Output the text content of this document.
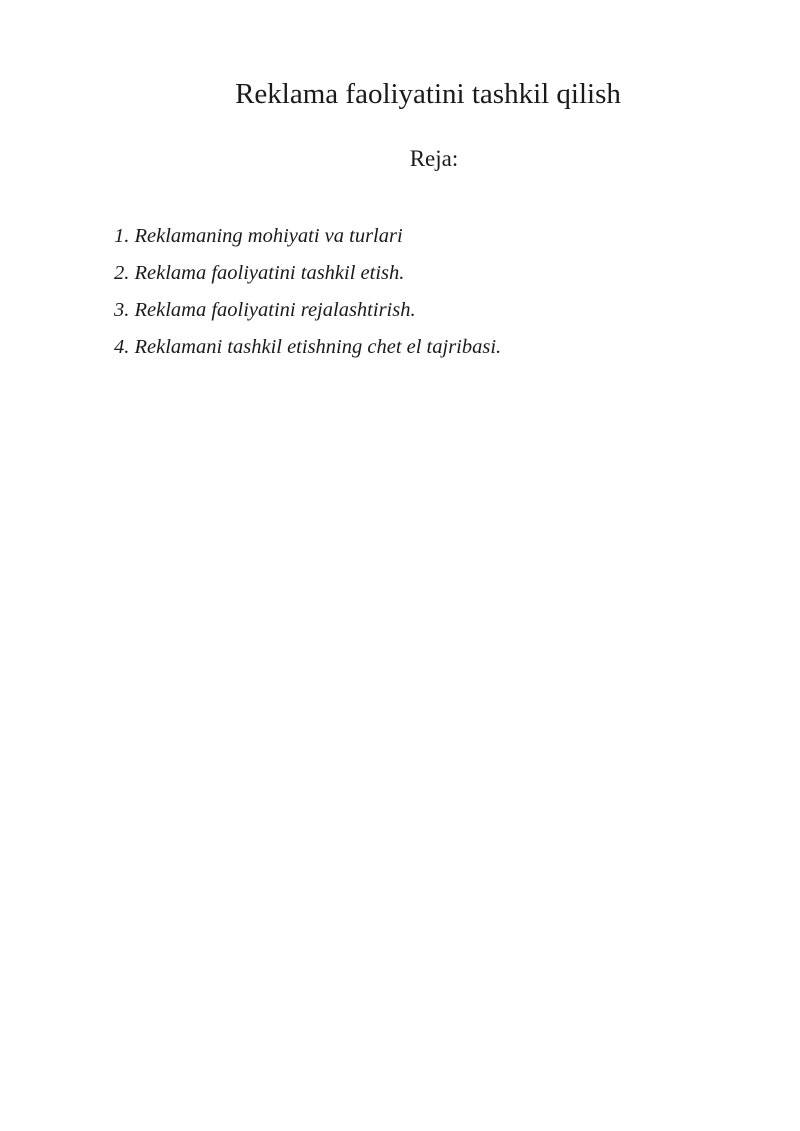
Reklama faoliyatini tashkil qilish
Reja:
1. Reklamaning mohiyati va turlari
2. Reklama faoliyatini tashkil etish.
3. Reklama faoliyatini rejalashtirish.
4. Reklamani tashkil etishning chet el tajribasi.
